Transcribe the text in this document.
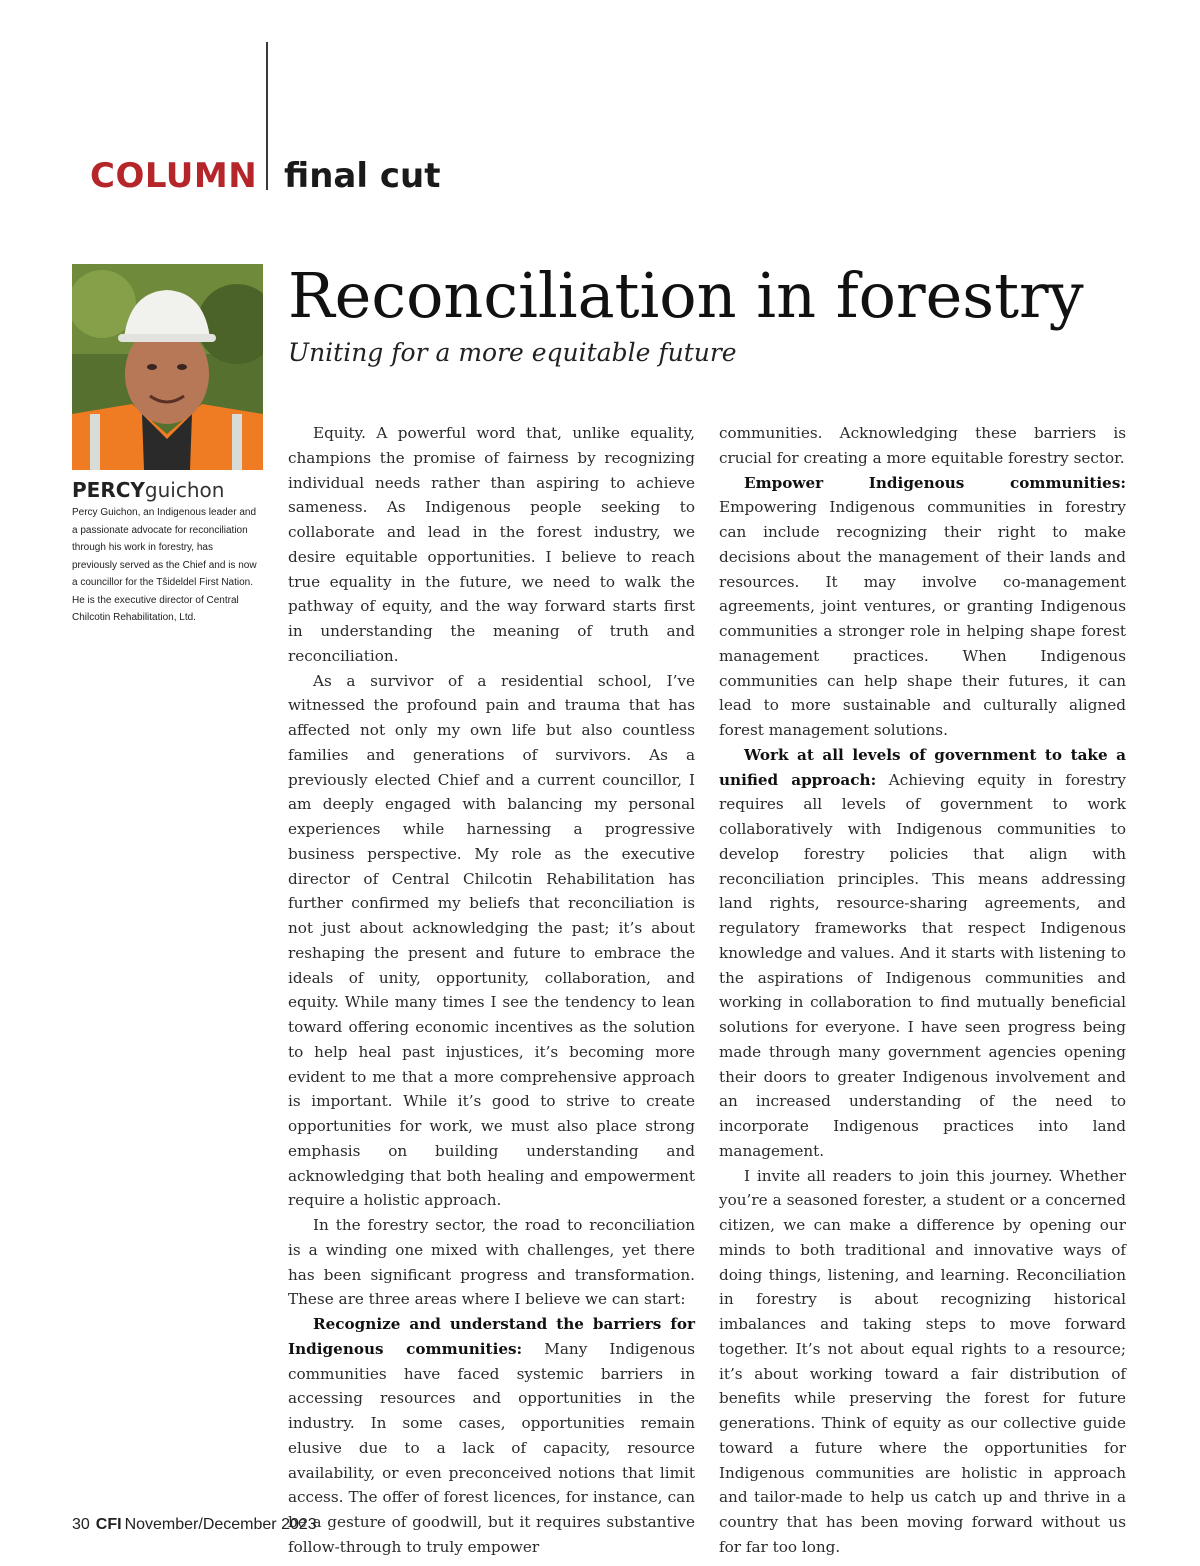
COLUMN final cut
Reconciliation in forestry
Uniting for a more equitable future
PERCYguichon
Percy Guichon, an Indigenous leader and a passionate advocate for reconciliation through his work in forestry, has previously served as the Chief and is now a councillor for the Tŝideldel First Nation. He is the executive director of Central Chilcotin Rehabilitation, Ltd.

Equity. A powerful word that, unlike equality, champions the promise of fairness by recognizing individual needs rather than aspiring to achieve sameness. As Indigenous people seeking to collaborate and lead in the forest industry, we desire equitable opportunities. I believe to reach true equality in the future, we need to walk the pathway of equity, and the way forward starts first in understanding the meaning of truth and reconciliation.

As a survivor of a residential school, I’ve witnessed the profound pain and trauma that has affected not only my own life but also countless families and generations of survivors. As a previously elected Chief and a current councillor, I am deeply engaged with balancing my personal experiences while harnessing a progressive business perspective. My role as the executive director of Central Chilcotin Rehabilitation has further confirmed my beliefs that reconciliation is not just about acknowledging the past; it’s about reshaping the present and future to embrace the ideals of unity, opportunity, collaboration, and equity. While many times I see the tendency to lean toward offering economic incentives as the solution to help heal past injustices, it’s becoming more evident to me that a more comprehensive approach is important. While it’s good to strive to create opportunities for work, we must also place strong emphasis on building understanding and acknowledging that both healing and empowerment require a holistic approach.

In the forestry sector, the road to reconciliation is a winding one mixed with challenges, yet there has been significant progress and transformation. These are three areas where I believe we can start:

Recognize and understand the barriers for Indigenous communities: Many Indigenous communities have faced systemic barriers in accessing resources and opportunities in the industry. In some cases, opportunities remain elusive due to a lack of capacity, resource availability, or even preconceived notions that limit access. The offer of forest licences, for instance, can be a gesture of goodwill, but it requires substantive follow-through to truly empower

communities. Acknowledging these barriers is crucial for creating a more equitable forestry sector.

Empower Indigenous communities: Empowering Indigenous communities in forestry can include recognizing their right to make decisions about the management of their lands and resources. It may involve co-management agreements, joint ventures, or granting Indigenous communities a stronger role in helping shape forest management practices. When Indigenous communities can help shape their futures, it can lead to more sustainable and culturally aligned forest management solutions.

Work at all levels of government to take a unified approach: Achieving equity in forestry requires all levels of government to work collaboratively with Indigenous communities to develop forestry policies that align with reconciliation principles. This means addressing land rights, resource-sharing agreements, and regulatory frameworks that respect Indigenous knowledge and values. And it starts with listening to the aspirations of Indigenous communities and working in collaboration to find mutually beneficial solutions for everyone. I have seen progress being made through many government agencies opening their doors to greater Indigenous involvement and an increased understanding of the need to incorporate Indigenous practices into land management.

I invite all readers to join this journey. Whether you’re a seasoned forester, a student or a concerned citizen, we can make a difference by opening our minds to both traditional and innovative ways of doing things, listening, and learning. Reconciliation in forestry is about recognizing historical imbalances and taking steps to move forward together. It’s not about equal rights to a resource; it’s about working toward a fair distribution of benefits while preserving the forest for future generations. Think of equity as our collective guide toward a future where the opportunities for Indigenous communities are holistic in approach and tailor-made to help us catch up and thrive in a country that has been moving forward without us for far too long.

30 CFI November/December 2023
